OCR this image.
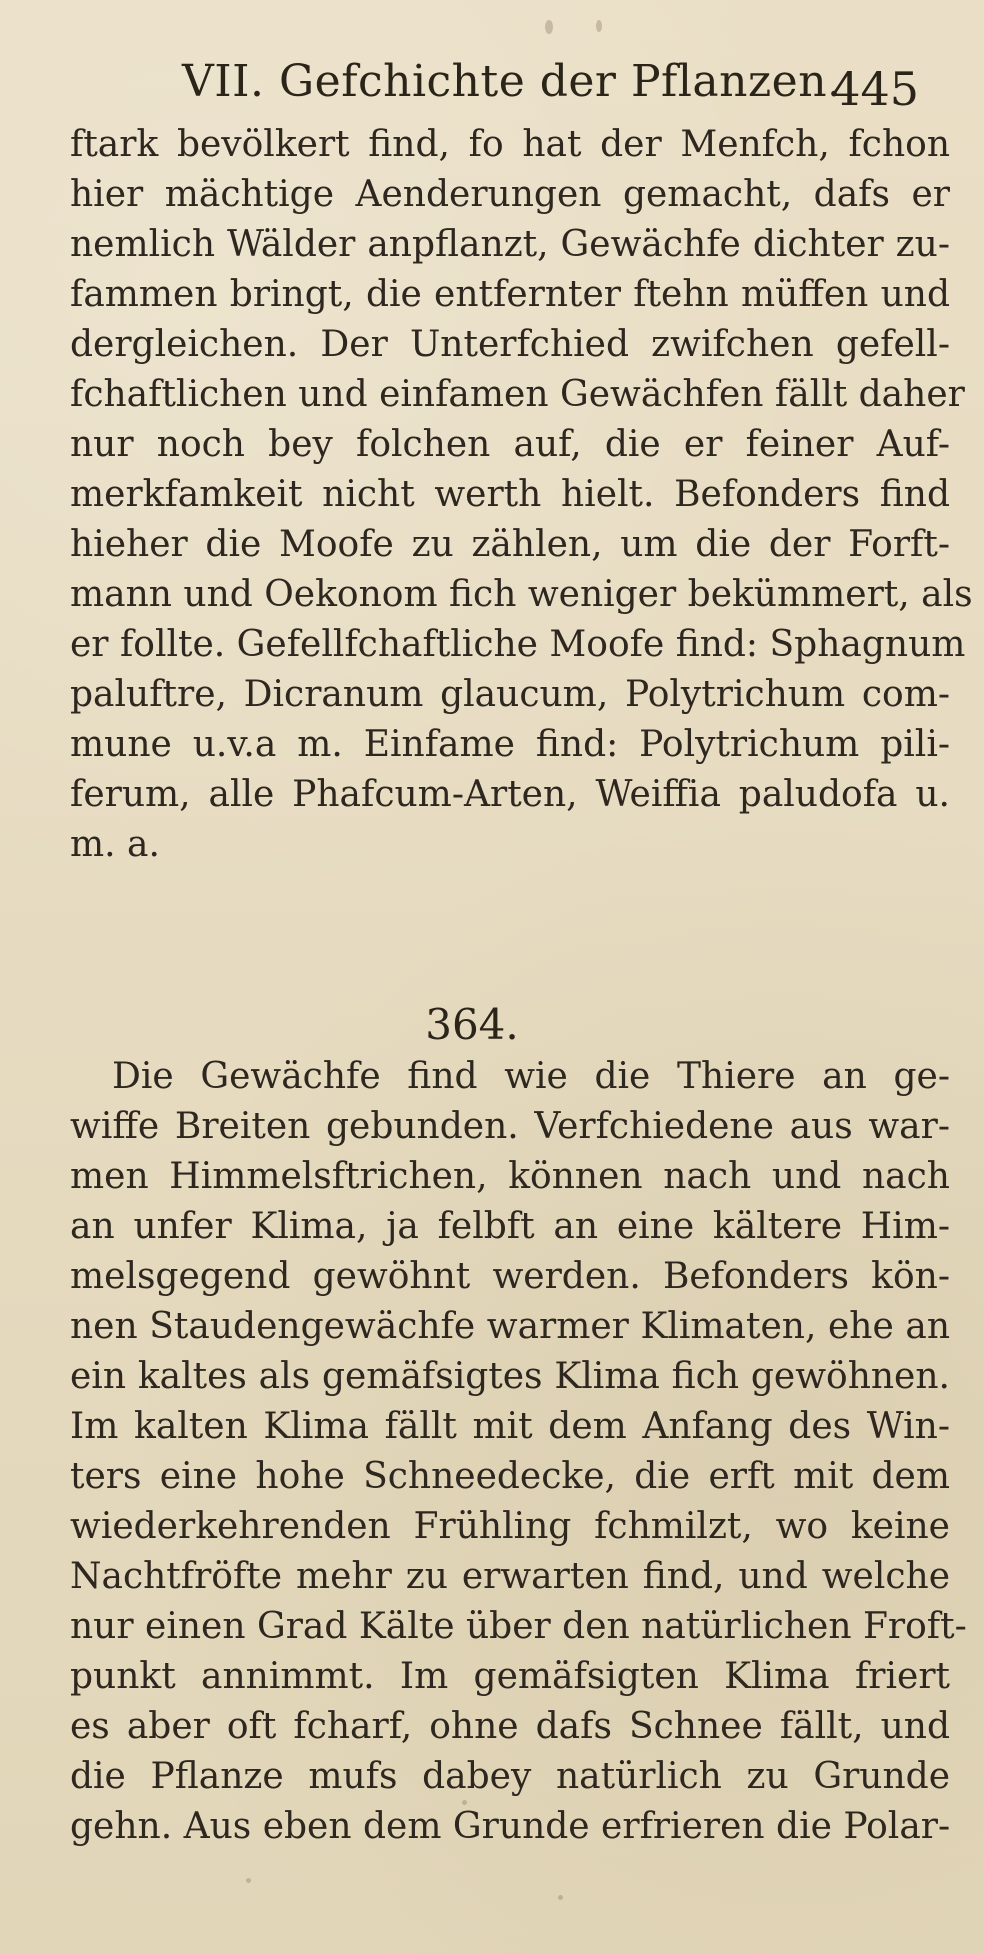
VII. Gefchichte der Pflanzen.
445
ftark bevölkert find, fo hat der Menfch, fchon
hier mächtige Aenderungen gemacht, dafs er
nemlich Wälder anpflanzt, Gewächfe dichter zu-
fammen bringt, die entfernter ftehn müffen und
dergleichen. Der Unterfchied zwifchen gefell-
fchaftlichen und einfamen Gewächfen fällt daher
nur noch bey folchen auf, die er feiner Auf-
merkfamkeit nicht werth hielt. Befonders find
hieher die Moofe zu zählen, um die der Forft-
mann und Oekonom fich weniger bekümmert, als
er follte. Gefellfchaftliche Moofe find: Sphagnum
paluftre, Dicranum glaucum, Polytrichum com-
mune u.v.a m. Einfame find: Polytrichum pili-
ferum, alle Phafcum-Arten, Weiffia paludofa u.
m. a.
364.
Die Gewächfe find wie die Thiere an ge-
wiffe Breiten gebunden. Verfchiedene aus war-
men Himmelsftrichen, können nach und nach
an unfer Klima, ja felbft an eine kältere Him-
melsgegend gewöhnt werden. Befonders kön-
nen Staudengewächfe warmer Klimaten, ehe an
ein kaltes als gemäfsigtes Klima fich gewöhnen.
Im kalten Klima fällt mit dem Anfang des Win-
ters eine hohe Schneedecke, die erft mit dem
wiederkehrenden Frühling fchmilzt, wo keine
Nachtfröfte mehr zu erwarten find, und welche
nur einen Grad Kälte über den natürlichen Froft-
punkt annimmt. Im gemäfsigten Klima friert
es aber oft fcharf, ohne dafs Schnee fällt, und
die Pflanze mufs dabey natürlich zu Grunde
gehn. Aus eben dem Grunde erfrieren die Polar-
